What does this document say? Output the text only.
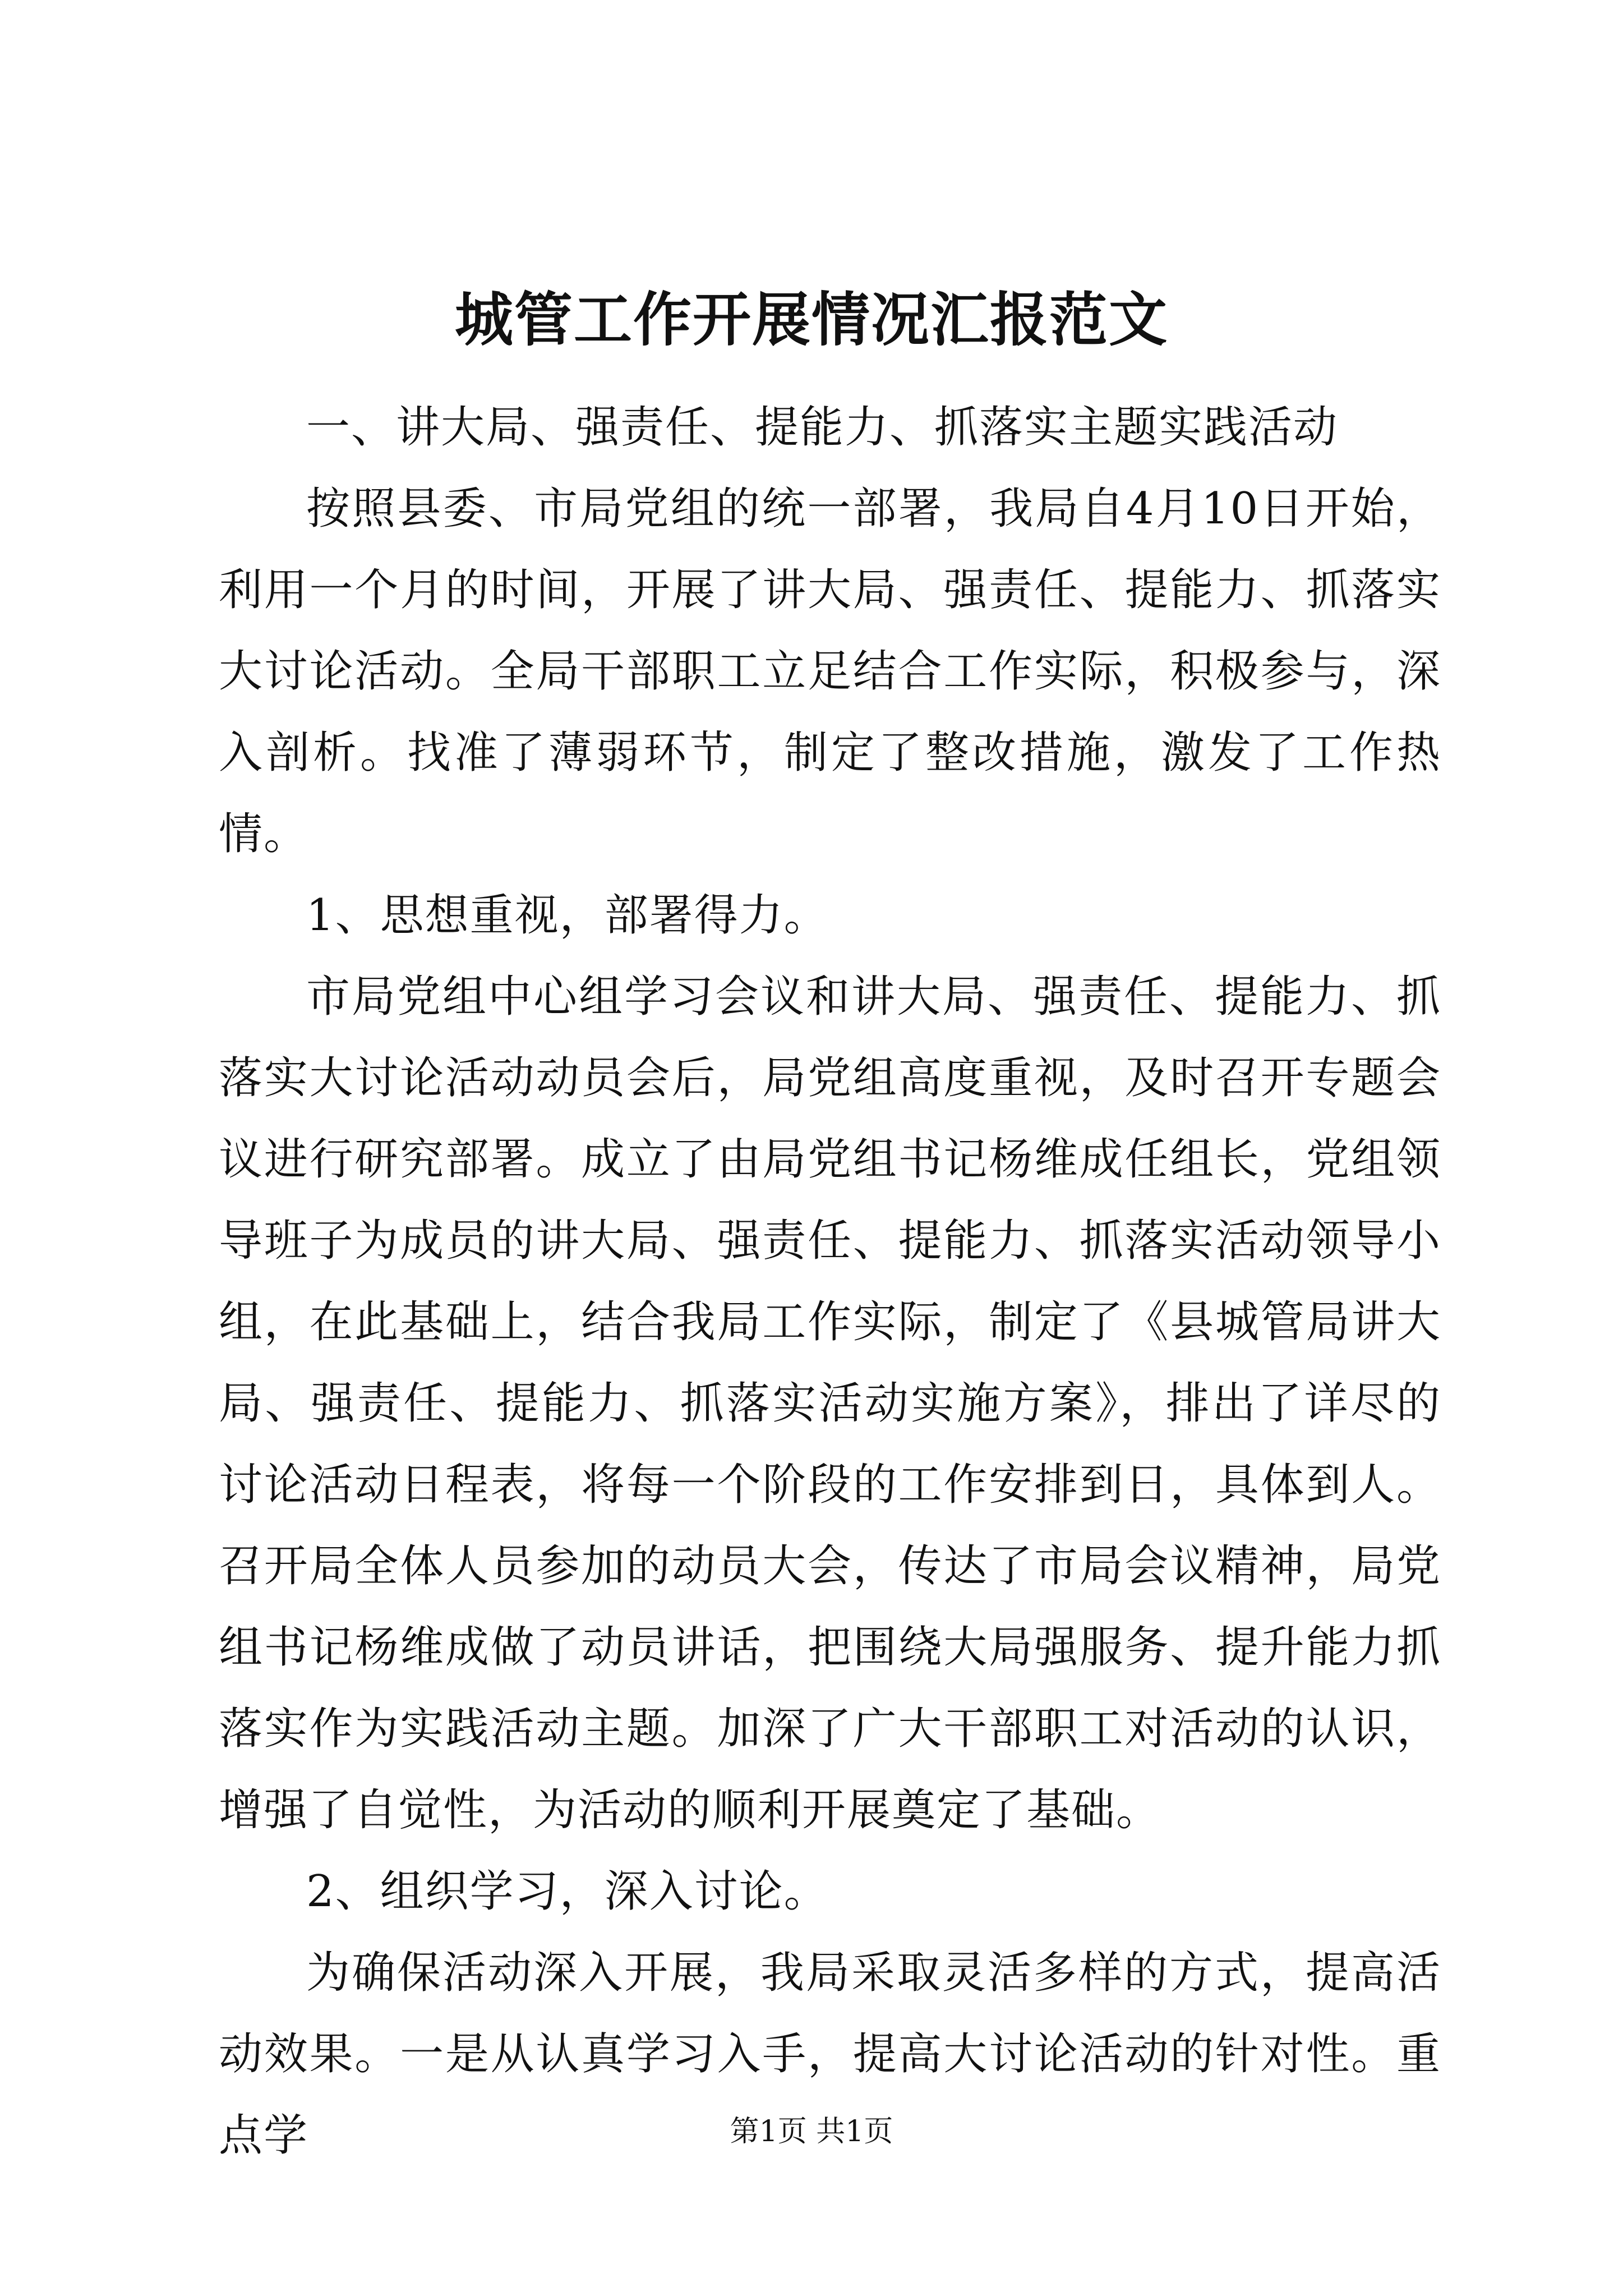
城管工作开展情况汇报范文

一、讲大局、强责任、提能力、抓落实主题实践活动

按照县委、市局党组的统一部署，我局自4月10日开始，利用一个月的时间，开展了讲大局、强责任、提能力、抓落实大讨论活动。全局干部职工立足结合工作实际，积极参与，深入剖析。找准了薄弱环节，制定了整改措施，激发了工作热情。

1、思想重视，部署得力。

市局党组中心组学习会议和讲大局、强责任、提能力、抓落实大讨论活动动员会后，局党组高度重视，及时召开专题会议进行研究部署。成立了由局党组书记杨维成任组长，党组领导班子为成员的讲大局、强责任、提能力、抓落实活动领导小组，在此基础上，结合我局工作实际，制定了《县城管局讲大局、强责任、提能力、抓落实活动实施方案》，排出了详尽的讨论活动日程表，将每一个阶段的工作安排到日，具体到人。召开局全体人员参加的动员大会，传达了市局会议精神，局党组书记杨维成做了动员讲话，把围绕大局强服务、提升能力抓落实作为实践活动主题。加深了广大干部职工对活动的认识，增强了自觉性，为活动的顺利开展奠定了基础。

2、组织学习，深入讨论。

为确保活动深入开展，我局采取灵活多样的方式，提高活动效果。一是从认真学习入手，提高大讨论活动的针对性。重点学	第1页 共1页
